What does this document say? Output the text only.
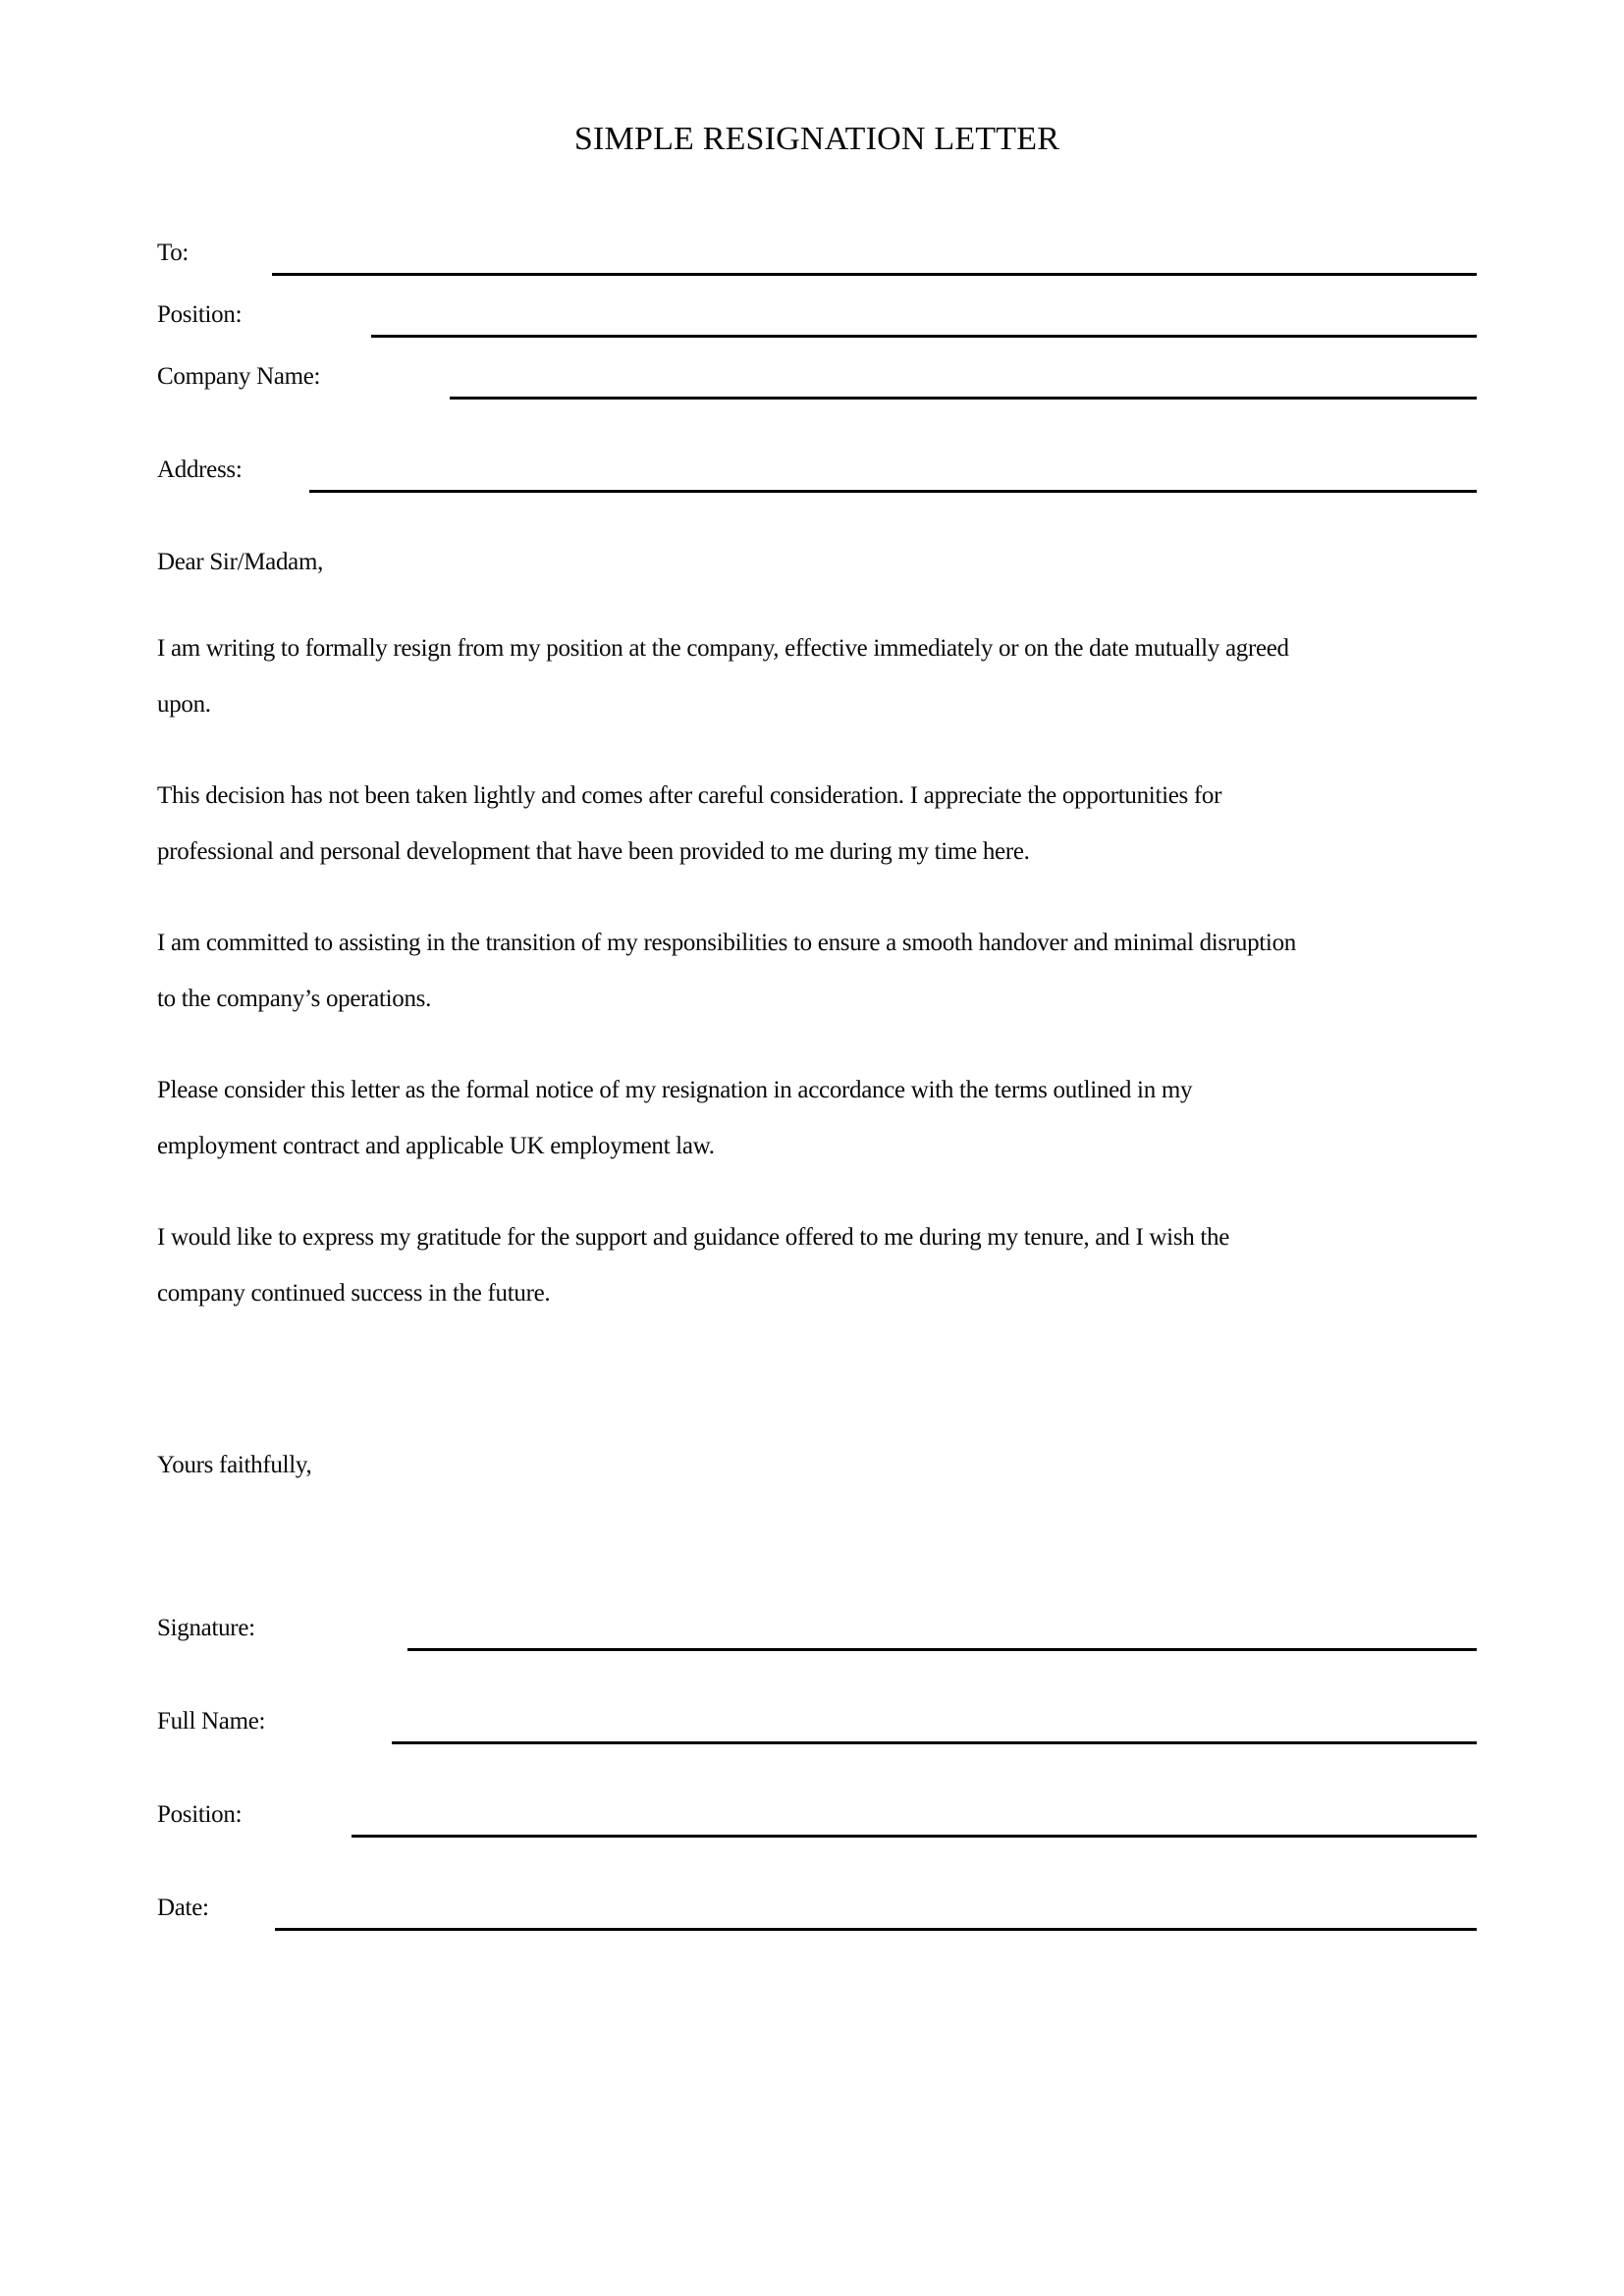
SIMPLE RESIGNATION LETTER
To:
Position:
Company Name:
Address:
Dear Sir/Madam,
I am writing to formally resign from my position at the company, effective immediately or on the date mutually agreed
upon.
This decision has not been taken lightly and comes after careful consideration. I appreciate the opportunities for
professional and personal development that have been provided to me during my time here.
I am committed to assisting in the transition of my responsibilities to ensure a smooth handover and minimal disruption
to the company’s operations.
Please consider this letter as the formal notice of my resignation in accordance with the terms outlined in my
employment contract and applicable UK employment law.
I would like to express my gratitude for the support and guidance offered to me during my tenure, and I wish the
company continued success in the future.
Yours faithfully,
Signature:
Full Name:
Position:
Date:
